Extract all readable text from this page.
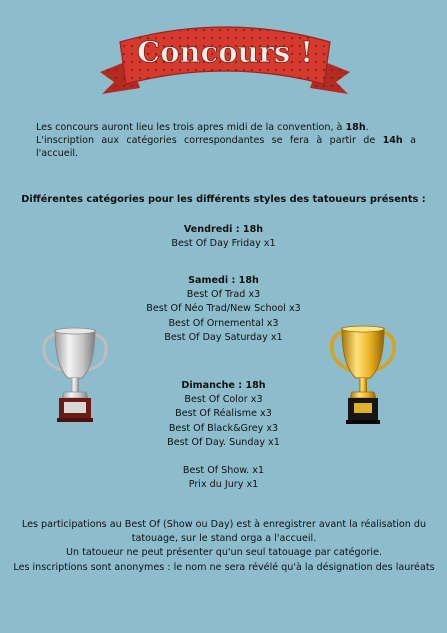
Concours !
Les concours auront lieu les trois apres midi de la convention, à 18h.
L'inscription aux catégories correspondantes se fera à partir de 14h a l'accueil.
Différentes catégories pour les différents styles des tatoueurs présents :
Vendredi : 18h
Best Of Day Friday x1
Samedi : 18h
Best Of Trad x3
Best Of Néo Trad/New School x3
Best Of Ornemental x3
Best Of Day Saturday x1
Dimanche : 18h
Best Of Color x3
Best Of Réalisme x3
Best Of Black&Grey x3
Best Of Day. Sunday x1
Best Of Show. x1
Prix du Jury x1
Les participations au Best Of (Show ou Day) est à enregistrer avant la réalisation du tatouage, sur le stand orga a l'accueil.
Un tatoueur ne peut présenter qu'un seul tatouage par catégorie.
Les inscriptions sont anonymes : le nom ne sera révélé qu'à la désignation des lauréats
